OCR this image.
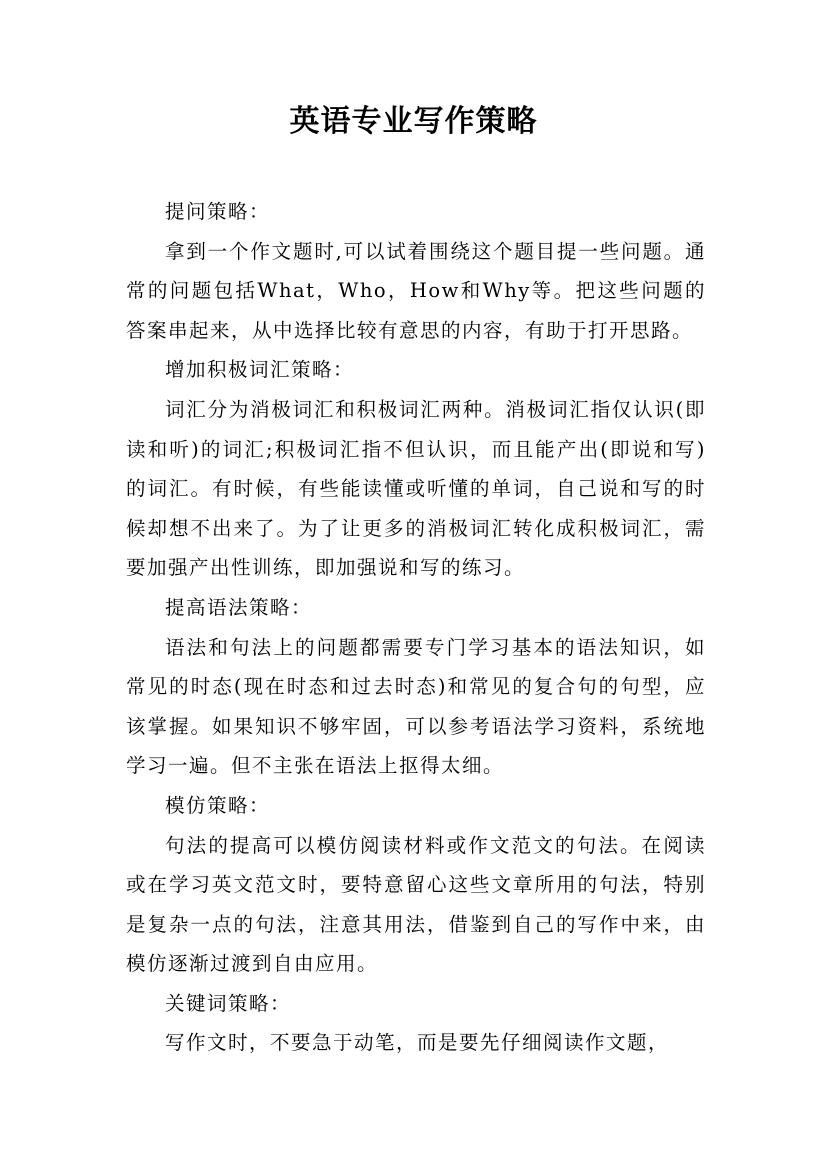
英语专业写作策略

提问策略：

拿到一个作文题时,可以试着围绕这个题目提一些问题。通常的问题包括What，Who，How和Why等。把这些问题的答案串起来，从中选择比较有意思的内容，有助于打开思路。

增加积极词汇策略：

词汇分为消极词汇和积极词汇两种。消极词汇指仅认识(即读和听)的词汇;积极词汇指不但认识，而且能产出(即说和写)的词汇。有时候，有些能读懂或听懂的单词，自己说和写的时候却想不出来了。为了让更多的消极词汇转化成积极词汇，需要加强产出性训练，即加强说和写的练习。

提高语法策略：

语法和句法上的问题都需要专门学习基本的语法知识，如常见的时态(现在时态和过去时态)和常见的复合句的句型，应该掌握。如果知识不够牢固，可以参考语法学习资料，系统地学习一遍。但不主张在语法上抠得太细。

模仿策略：

句法的提高可以模仿阅读材料或作文范文的句法。在阅读或在学习英文范文时，要特意留心这些文章所用的句法，特别是复杂一点的句法，注意其用法，借鉴到自己的写作中来，由模仿逐渐过渡到自由应用。

关键词策略：

写作文时，不要急于动笔，而是要先仔细阅读作文题，
